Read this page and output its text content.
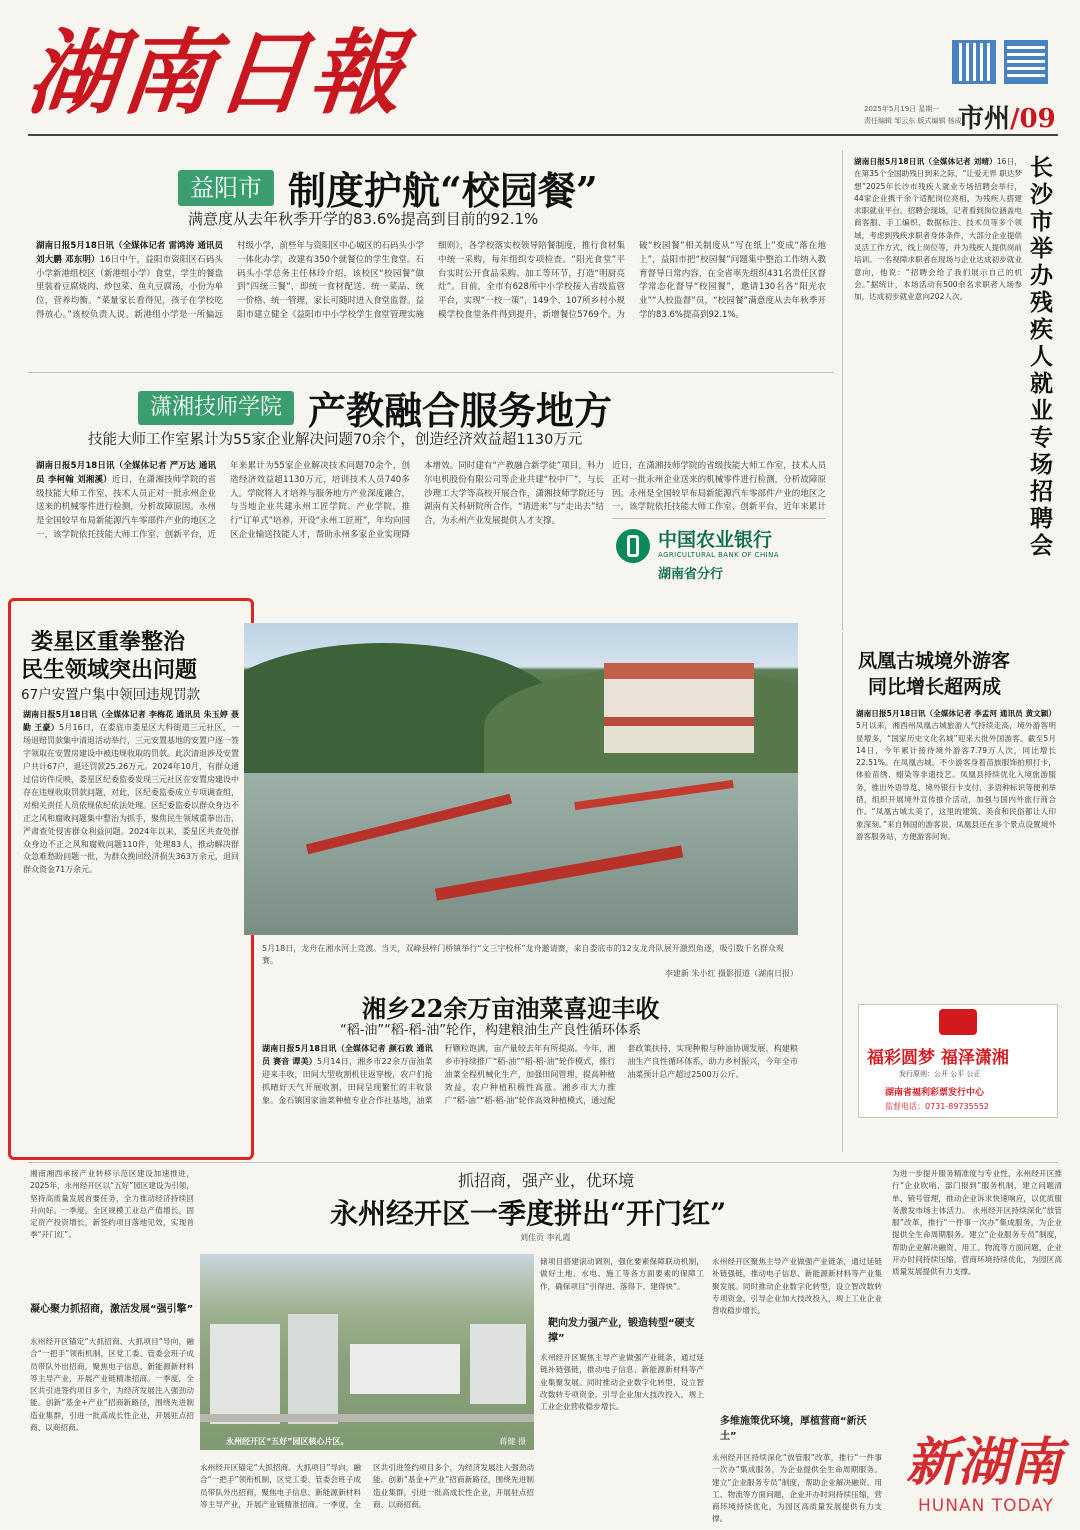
湖南日報	2025年5月19日 星期一
责任编辑 邹云东 版式编辑 杨成
市州/09
益阳市 制度护航“校园餐”
满意度从去年秋季开学的83.6%提高到目前的92.1%
湖南日报5月18日讯（全媒体记者 雷鸿涛 通讯员 刘大鹏 邓东明）16日中午，益阳市资阳区石码头小学新港组校区（新港组小学）食堂，学生的餐盘里装着豆腐烧肉、炒包菜、鱼丸豆腐汤，小份为单位，营养均衡。“菜量家长看得见，孩子在学校吃得放心。”该校负责人说。新港组小学是一所偏远村级小学，前些年与资阳区中心城区的石码头小学一体化办学，改建有350个就餐位的学生食堂。石码头小学总务主任林玲介绍，该校区“校园餐”做到“四统三餐”，即统一食材配送、统一菜品、统一价格、统一管理，家长可随时进入食堂监督。益阳市建立健全《益阳市中小学校学生食堂管理实施细则》，各学校落实校领导陪餐制度，推行食材集中统一采购，每年组织专项检查。“阳光食堂”平台实时公开食品采购、加工等环节，打造“明厨亮灶”。目前，全市有628所中小学校接入省级监管平台，实现“一校一策”，149个、107所乡村小规模学校食堂条件得到提升，新增餐位5769个。为破“校园餐”相关制度从“写在纸上”变成“落在地上”，益阳市把“校园餐”问题集中整治工作纳入教育督导日常内容，在全省率先组织431名责任区督学常态化督导“校园餐”，邀请130名各“阳光农业”“人校监督”员，“校园餐”满意度从去年秋季开学的83.6%提高到92.1%。
湖南日报5月18日讯（全媒体记者 刘晴）16日，在第35个全国助残日到来之际，“让爱无界 职达梦想”2025年长沙市残疾人就业专场招聘会举行，44家企业携千余个适配岗位亮相，为残疾人搭建求职就业平台。招聘会现场，记者看到岗位涵盖电商客服、手工编织、数据标注、技术员等多个领域，考虑到残疾求职者身体条件，大部分企业提供灵活工作方式、线上岗位等，并为残疾人提供岗前培训。一名视障求职者在现场与企业达成初步就业意向，他说：“招聘会给了我们展示自己的机会。”据统计，本场活动有500余名求职者入场参加，达成初步就业意向202人次。
长沙市举办残疾人就业专场招聘会
潇湘技师学院 产教融合服务地方
技能大师工作室累计为55家企业解决问题70余个，创造经济效益超1130万元
湖南日报5月18日讯（全媒体记者 严万达 通讯员 李柯翰 刘湘溪）近日，在潇湘技师学院的省级技能大师工作室，技术人员正对一批永州企业送来的机械零件进行检测，分析故障原因。永州是全国较早布局新能源汽车零部件产业的地区之一，该学院依托技能大师工作室、创新平台，近年来累计为55家企业解决技术问题70余个，创造经济效益超1130万元，培训技术人员740多人。学院将人才培养与服务地方产业深度融合，与当地企业共建永州工匠学院、产业学院，推行“订单式”培养，开设“永州工匠班”，年均向园区企业输送技能人才，帮助永州多家企业实现降本增效。同时建有“产教融合新学徒”项目，科力尔电机股份有限公司等企业共建“校中厂”，与长沙理工大学等高校开展合作，潇湘技师学院还与湖南有关科研院所合作，“请进来”与“走出去”结合，为永州产业发展提供人才支撑。
近日，在潇湘技师学院的省级技能大师工作室，技术人员正对一批永州企业送来的机械零件进行检测，分析故障原因。永州是全国较早布局新能源汽车零部件产业的地区之一，该学院依托技能大师工作室、创新平台，近年来累计
中国农业银行
AGRICULTURAL BANK OF CHINA
湖南省分行
娄星区重拳整治
民生领域突出问题
67户安置户集中领回违规罚款
湖南日报5月18日讯（全媒体记者 李梅花 通讯员 朱玉婷 聂勤 王豪）5月16日，在娄底市娄星区大科街道三元社区，一场退赔罚款集中清退活动举行，三元安置基地的安置户逐一签字领取在安置房建设中被违规收取的罚款。此次清退涉及安置户共计67户，退还罚款25.26万元。2024年10月，有群众通过信访件反映，娄星区纪委监委发现三元社区在安置房建设中存在违规收取罚款问题，对此，区纪委监委成立专项调查组，对相关责任人员依规依纪依法处理。区纪委监委以群众身边不正之风和腐败问题集中整治为抓手，聚焦民生领域重拳出击，严肃查处侵害群众利益问题。2024年以来，娄星区共查处群众身边不正之风和腐败问题110件，处理83人，推动解决群众急难愁盼问题一批，为群众挽回经济损失363万余元，退回群众资金71万余元。
5月18日，龙舟在湘水河上竞渡。当天，双峰县梓门桥镇举行“文三字校杯”龙舟邀请赛，来自娄底市的12支龙舟队展开激烈角逐，吸引数千名群众观赛。
李建新 朱小红 摄影报道（湖南日报）
湘乡22余万亩油菜喜迎丰收
“稻-油”“稻-稻-油”轮作，构建粮油生产良性循环体系
湖南日报5月18日讯（全媒体记者 颜石敦 通讯员 赛音 谭美）5月14日，湘乡市22余万亩油菜迎来丰收，田间大型收割机往返穿梭，农户们抢抓晴好天气开展收割，田间呈现繁忙的丰收景象。金石镇国家油菜种植专业合作社基地，油菜籽颗粒饱满，亩产量较去年有所提高。今年，湘乡市持续推广“稻-油”“稻-稻-油”轮作模式，推行油菜全程机械化生产，加强田间管理，提高种植效益，农户种植积极性高涨。湘乡市大力推广“稻-油”“稻-稻-油”轮作高效种植模式，通过配套政策扶持，实现种粮与种油协调发展，构建粮油生产良性循环体系，助力乡村振兴，今年全市油菜预计总产超过2500万公斤。
凤凰古城境外游客
同比增长超两成
湖南日报5月18日讯（全媒体记者 李孟河 通讯员 黄文颖）5月以来，湘西州凤凰古城旅游人气持续走高，境外游客明显增多，“国家历史文化名城”迎来大批外国游客。截至5月14日，今年累计接待境外游客7.79万人次，同比增长22.51%。在凤凰古城，不少游客身着苗族服饰拍照打卡，体验苗绣、蜡染等非遗技艺。凤凰县持续优化入境旅游服务，推出外语导览、境外银行卡支付、多语种标识等便利举措，组织开展境外宣传推介活动，加强与国内外旅行商合作。“凤凰古城太美了，这里的建筑、美食和民俗都让人印象深刻。”来自韩国的游客说。凤凰县还在多个景点设置境外游客服务站，方便游客问询。
福彩圆梦 福泽潇湘
发行原则：公开 公平 公正
湖南省福利彩票发行中心
监督电话：0731-89735552
湘南湘西承接产业转移示范区建设加速推进，2025年，永州经开区以“五好”园区建设为引领，坚持高质量发展首要任务，全力推动经济持续回升向好。一季度，全区规模工业总产值增长，固定资产投资增长，新签约项目落地见效，实现首季“开门红”。
抓招商，强产业，优环境
永州经开区一季度拼出“开门红”
刘佳贡 李礼霞
凝心聚力抓招商，激活发展“强引擎”
永州经开区锚定“大抓招商、大抓项目”导向，融合“一把手”领衔机制，区党工委、管委会班子成员带队外出招商，聚焦电子信息、新能源新材料等主导产业，开展产业链精准招商。一季度，全区共引进签约项目多个，为经济发展注入强劲动能。创新“基金+产业”招商新路径，围绕先进制造业集群，引进一批高成长性企业，开展驻点招商、以商招商。
永州经开区“五好”园区核心片区。	蒋健 摄
永州经开区锚定“大抓招商、大抓项目”导向，融合“一把手”领衔机制，区党工委、管委会班子成员带队外出招商，聚焦电子信息、新能源新材料等主导产业，开展产业链精准招商。一季度，全区共引进签约项目多个，为经济发展注入强劲动能。创新“基金+产业”招商新路径，围绕先进制造业集群，引进一批高成长性企业，开展驻点招商、以商招商。
储项目搭建滚动调剂，强化要素保障联动机制，做好土地、水电、施工等各方面要素的保障工作，确保项目“引得进、落得下、建得快”。
靶向发力强产业，锻造转型“硬支撑”
永州经开区聚焦主导产业做强产业链条，通过延链补链强链，推动电子信息、新能源新材料等产业集聚发展。同时推动企业数字化转型，设立智改数转专项资金，引导企业加大技改投入，规上工业企业营收稳步增长。
永州经开区聚焦主导产业做强产业链条，通过延链补链强链，推动电子信息、新能源新材料等产业集聚发展。同时推动企业数字化转型，设立智改数转专项资金，引导企业加大技改投入，规上工业企业营收稳步增长。
多维施策优环境，厚植营商“新沃土”
永州经开区持续深化“放管服”改革，推行“一件事一次办”集成服务，为企业提供全生命周期服务。建立“企业服务专员”制度，帮助企业解决融资、用工、物流等方面问题，企业开办时间持续压缩，营商环境持续优化，为园区高质量发展提供有力支撑。
为进一步提升服务精准度与专业性，永州经开区推行“企业吹哨、部门报到”服务机制，建立问题清单、销号管理，推动企业诉求快速响应，以优质服务激发市场主体活力。 永州经开区持续深化“放管服”改革，推行“一件事一次办”集成服务，为企业提供全生命周期服务。建立“企业服务专员”制度，帮助企业解决融资、用工、物流等方面问题，企业开办时间持续压缩，营商环境持续优化，为园区高质量发展提供有力支撑。
新湖南
HUNAN TODAY
